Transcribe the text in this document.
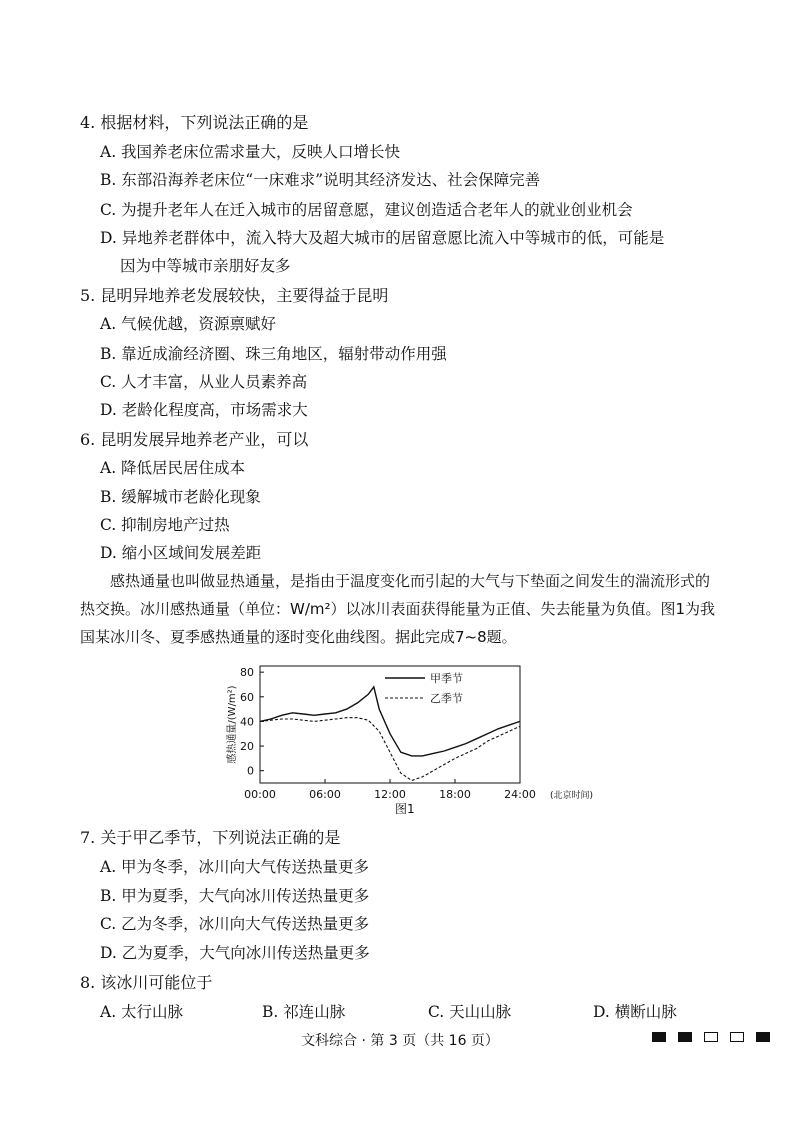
4. 根据材料，下列说法正确的是
A. 我国养老床位需求量大，反映人口增长快
B. 东部沿海养老床位“一床难求”说明其经济发达、社会保障完善
C. 为提升老年人在迁入城市的居留意愿，建议创造适合老年人的就业创业机会
D. 异地养老群体中，流入特大及超大城市的居留意愿比流入中等城市的低，可能是
因为中等城市亲朋好友多
5. 昆明异地养老发展较快，主要得益于昆明
A. 气候优越，资源禀赋好
B. 靠近成渝经济圈、珠三角地区，辐射带动作用强
C. 人才丰富，从业人员素养高
D. 老龄化程度高，市场需求大
6. 昆明发展异地养老产业，可以
A. 降低居民居住成本
B. 缓解城市老龄化现象
C. 抑制房地产过热
D. 缩小区域间发展差距

感热通量也叫做显热通量，是指由于温度变化而引起的大气与下垫面之间发生的湍流形式的热交换。冰川感热通量（单位：W/m²）以冰川表面获得能量为正值、失去能量为负值。图1为我国某冰川冬、夏季感热通量的逐时变化曲线图。据此完成7~8题。

0
20
40
60
80
00:00	06:00	12:00	18:00	24:00 (北京时间)
感热通量/(W/m²)
甲季节
乙季节
图1
7. 关于甲乙季节，下列说法正确的是
A. 甲为冬季，冰川向大气传送热量更多
B. 甲为夏季，大气向冰川传送热量更多
C. 乙为冬季，冰川向大气传送热量更多
D. 乙为夏季，大气向冰川传送热量更多
8. 该冰川可能位于
A. 太行山脉	B. 祁连山脉	C. 天山山脉	D. 横断山脉
文科综合 · 第 3 页（共 16 页）
